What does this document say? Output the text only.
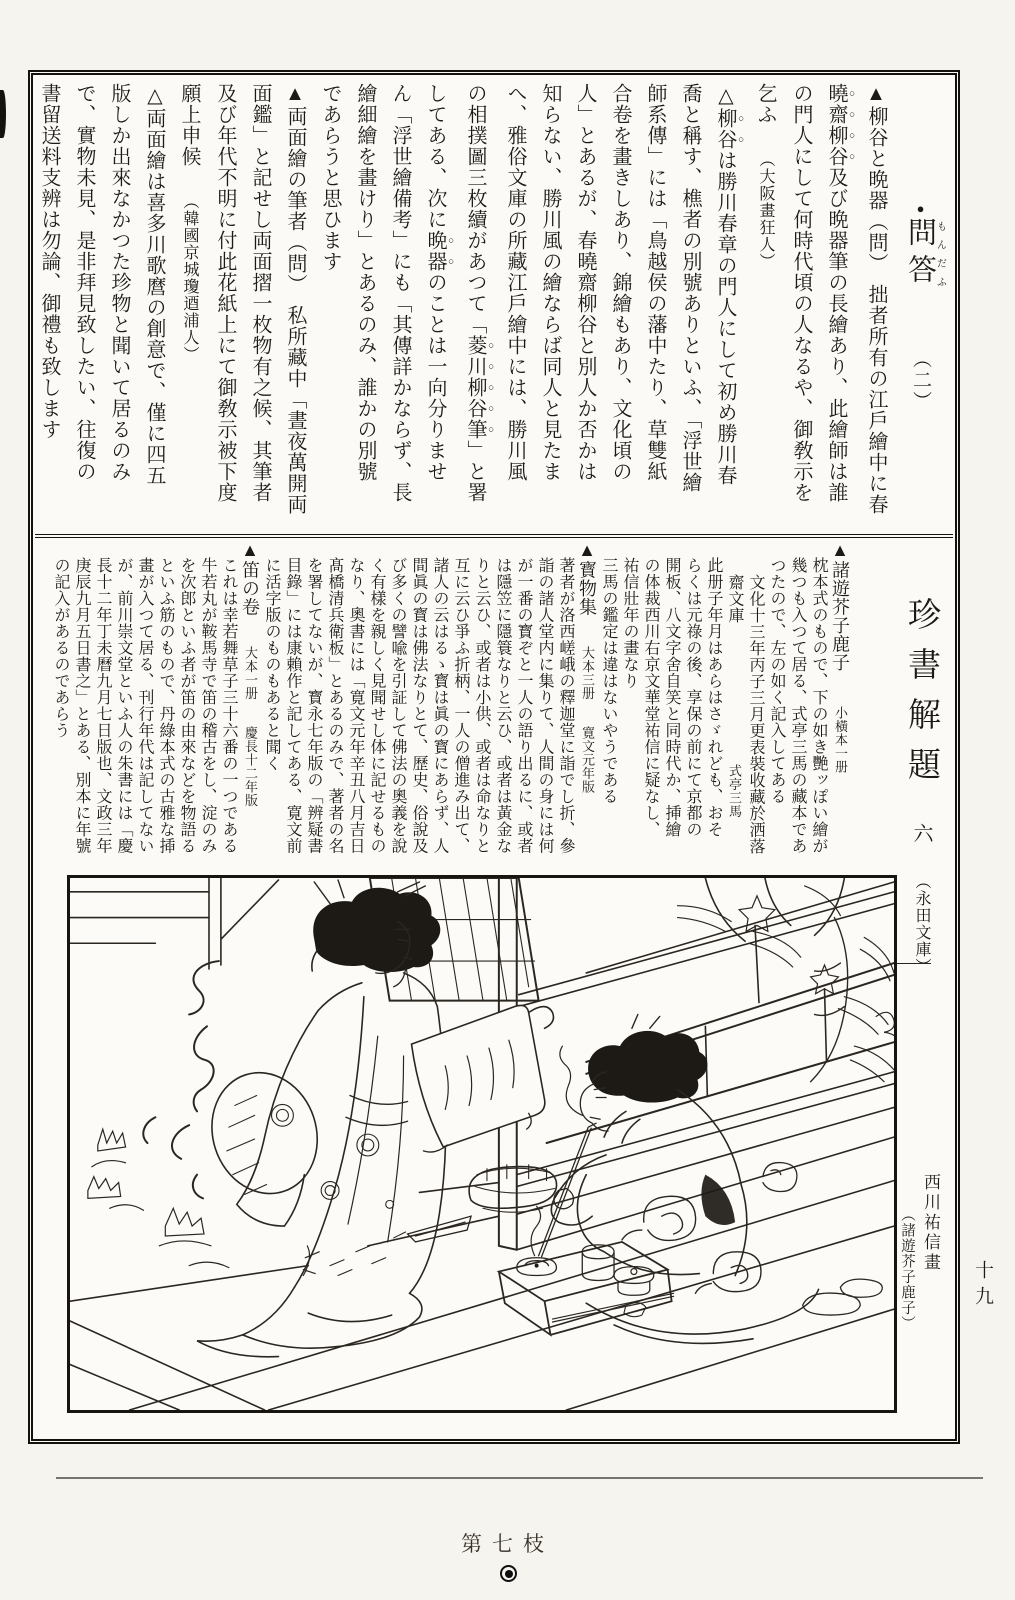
●問答もんだふ（二）
▲柳谷と晩器（問）拙者所有の江戶繪中に春
曉齋柳谷及び晩器筆の長繪あり、此繪師は誰
の門人にして何時代頃の人なるや、御敎示を
乞ふ（大阪畫狂人）
△柳谷は勝川春章の門人にして初め勝川春
喬と稱す、樵者の別號ありといふ、「浮世繪
師系傳」には「鳥越侯の藩中たり、草雙紙
合卷を畫きしあり、錦繪もあり、文化頃の
人」とあるが、春曉齋柳谷と別人か否かは
知らない、勝川風の繪ならば同人と見たま
へ、雅俗文庫の所藏江戶繪中には、勝川風
の相撲圖三枚續があつて「菱川柳谷筆」と署
してある、次に晩器のことは一向分りませ
ん「浮世繪備考」にも「其傳詳かならず、長
繪細繪を畫けり」とあるのみ、誰かの別號
であらうと思ひます
▲両面繪の筆者（問）私所藏中「晝夜萬開両
面鑑」と記せし両面摺一枚物有之候、其筆者
及び年代不明に付此花紙上にて御敎示被下度
願上申候（韓國京城瓊逎浦人）
△両面繪は喜多川歌麿の創意で、僅に四五
版しか出來なかつた珍物と聞いて居るのみ
で、實物未見、是非拜見致したい、往復の
書留送料支辨は勿論、御禮も致します
珍書解題六（永田文庫）
▲諸遊芥子鹿子小橫本一册
枕本式のもので、下の如き艷ッぽい繪が
幾つも入つて居る、式亭三馬の藏本であ
つたので、左の如く記入してある
文化十三年丙子三月更表裝收藏於洒落
齋文庫式亭三馬
此册子年月はあらはさゞれども、おそ
らくは元祿の後、享保の前にて京都の
開板、八文字舍自笑と同時代か、挿繪
の体裁西川右京文華堂祐信に疑なし、
祐信壯年の畫なり
三馬の鑑定は違はないやうである
▲寳物集大本三册寛文元年版
著者が洛西嵯峨の釋迦堂に詣でし折、參
詣の諸人堂内に集りて、人間の身には何
が一番の寳ぞと一人の語り出るに、或者
は隱笠に隱簑なりと云ひ、或者は黃金な
りと云ひ、或者は小供、或者は命なりと
互に云ひ爭ふ折柄、一人の僧進み出て、
諸人の云はるゝ寳は眞の寳にあらず、人
間眞の寳は佛法なりとて、歷史、俗說及
び多くの譬喩を引証して佛法の奧義を說
く有樣を親しく見聞せし体に記せるもの
なり、奧書には「寛文元年辛丑八月吉日
髙橋清兵衛板」とあるのみで、著者の名
を署してないが、寳永七年版の「辨疑書
目錄」には康賴作と記してある、寛文前
に活字版のものもあると聞く
▲笛の卷大本一册慶長十二年版
これは幸若舞草子三十六番の一つである
牛若丸が鞍馬寺で笛の稽古をし、淀のみ
を次郎といふ者が笛の由來などを物語る
といふ筋のもので、丹綠本式の古雅な揷
畫が入つて居る、刊行年代は記してない
が、前川崇文堂といふ人の朱書には「慶
長十二年丁未曆九月七日版也、文政三年
庚辰九月五日書之」とある、別本に年號
の記入があるのであらう
西川祐信畫
（諸遊芥子鹿子）	十九
第七枝
